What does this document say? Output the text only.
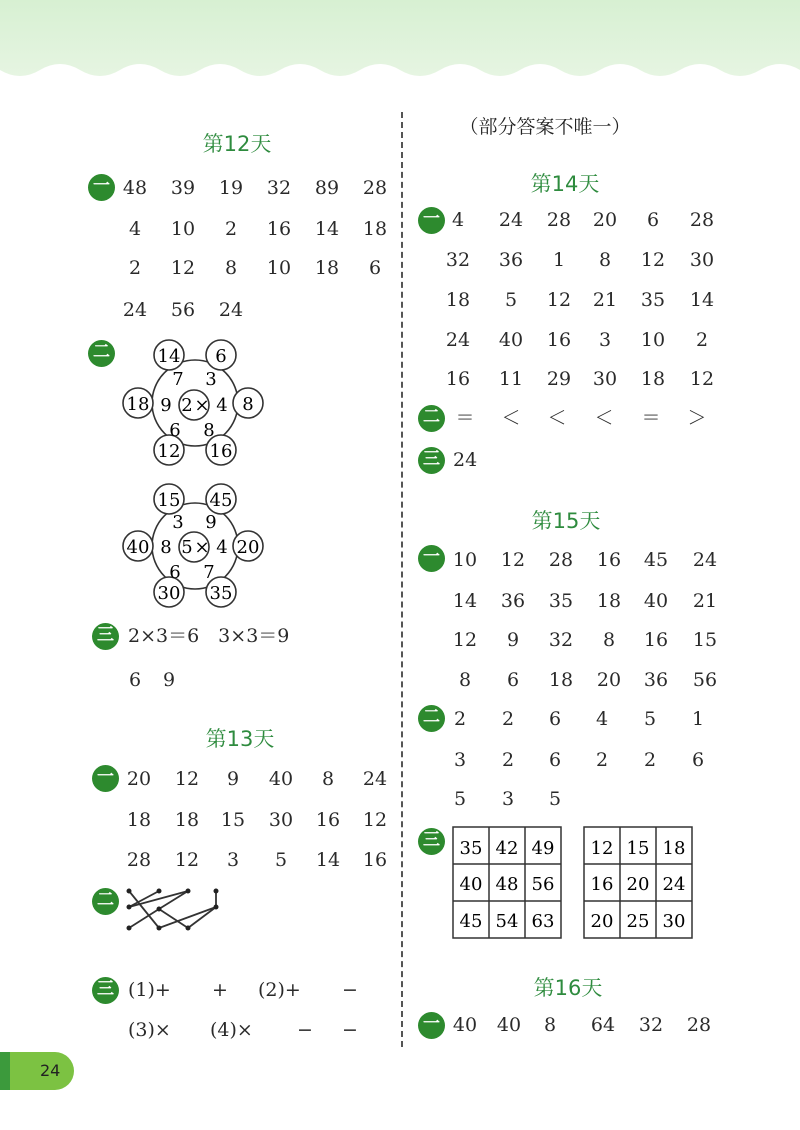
第12天
一 48 39 19 32 89 28
4 10 2 16 14 18
2 12 8 10 18 6
24 56 24
二	14 6
8
16
12
18
7 3
4
8
6
9 2 ×
15 45
20
35
30
40
3 9
4
7
6
8 5 ×
三 2×3＝6　3×3＝9
6 9
第13天
一 20 12 9 40 8 24
18 18 15 30 16 12
28 12 3 5 14 16
二
三 (1)+ + (2)+ −
(3)× (4)× − −
（部分答案不唯一）
第14天
一 4 24 28 20 6 28
32 36 1 8 12 30
18 5 12 21 35 14
24 40 16 3 10 2
16 11 29 30 18 12
二 ＝ ＜ ＜ ＜ ＝ ＞
三 24
第15天
一 10 12 28 16 45 24
14 36 35 18 40 21
12 9 32 8 16 15
8 6 18 20 36 56
二 2 2 6 4 5 1
3 2 6 2 2 6
5 3 5
三 35 42 49
40 48 56
45 54 63
12 15 18
16 20 24
20 25 30
第16天
一 40 40 8 64 32 28
24
